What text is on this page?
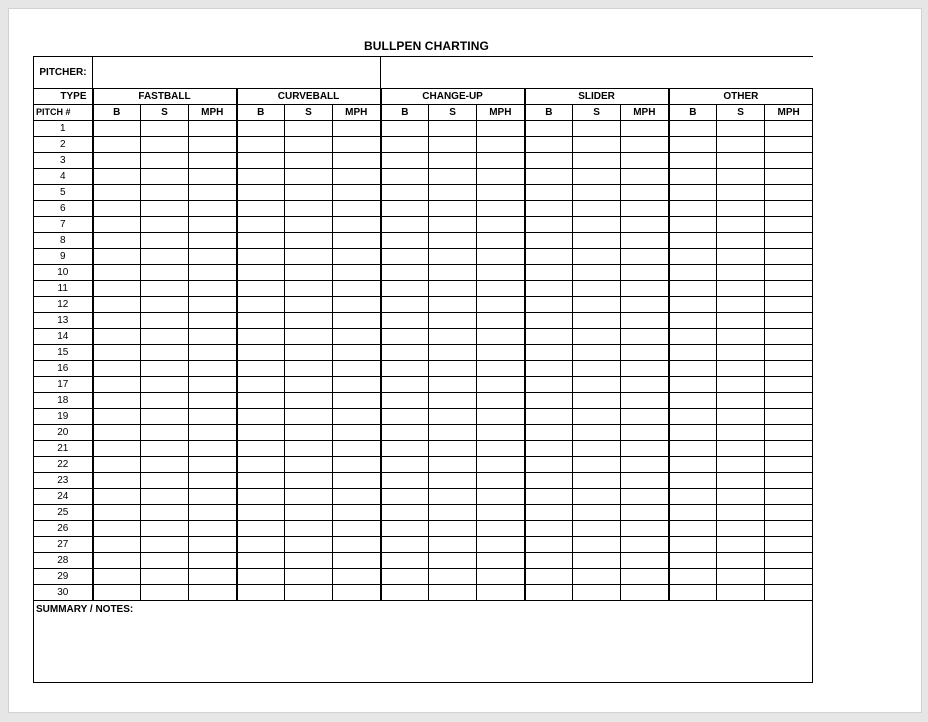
BULLPEN CHARTING
PITCHER:															
TYPE	FASTBALL			CURVEBALL			CHANGE-UP			SLIDER			OTHER		
PITCH #	B	S	MPH	B	S	MPH	B	S	MPH	B	S	MPH	B	S	MPH
1															
2															
3															
4															
5															
6															
7															
8															
9															
10															
11															
12															
13															
14															
15															
16															
17															
18															
19															
20															
21															
22															
23															
24															
25															
26															
27															
28															
29															
30															
SUMMARY / NOTES:															
